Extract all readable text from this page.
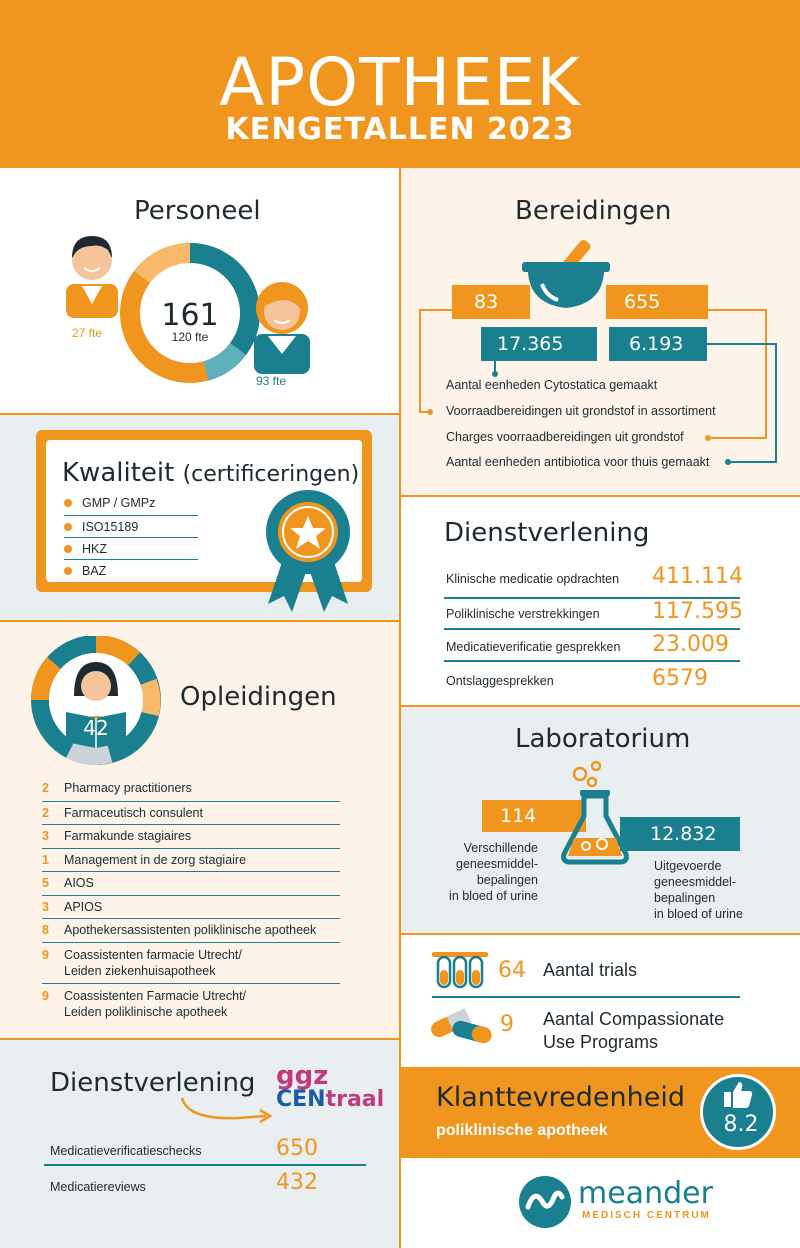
APOTHEEK
KENGETALLEN 2023
Personeel
161
120 fte
27 fte
93 fte
Bereidingen
83	655
17.365	6.193
Aantal eenheden Cytostatica gemaakt
Voorraadbereidingen uit grondstof in assortiment
Charges voorraadbereidingen uit grondstof
Aantal eenheden antibiotica voor thuis gemaakt
Kwaliteit (certificeringen)
GMP / GMPz
ISO15189
HKZ
BAZ
Dienstverlening
Klinische medicatie opdrachten 411.114
Poliklinische verstrekkingen 117.595
Medicatieverificatie gesprekken 23.009
Ontslaggesprekken	6579
42
Opleidingen
2 Pharmacy practitioners
2 Farmaceutisch consulent
3 Farmakunde stagiaires
1 Management in de zorg stagiaire
5 AIOS
3 APIOS
8 Apothekersassistenten poliklinische apotheek
9 Coassistenten farmacie Utrecht/
Leiden ziekenhuisapotheek
9 Coassistenten Farmacie Utrecht/
Leiden poliklinische apotheek
Laboratorium
114
12.832
Verschillende
geneesmiddel-
bepalingen
in bloed of urine
Uitgevoerde
geneesmiddel-
bepalingen
in bloed of urine
64 Aantal trials
9 Aantal Compassionate
Use Programs
Dienstverlening ggz
CENtraal
Medicatieverificatieschecks	650
Medicatiereviews	432
Klanttevredenheid
poliklinische apotheek	8.2
meander
MEDISCH CENTRUM
